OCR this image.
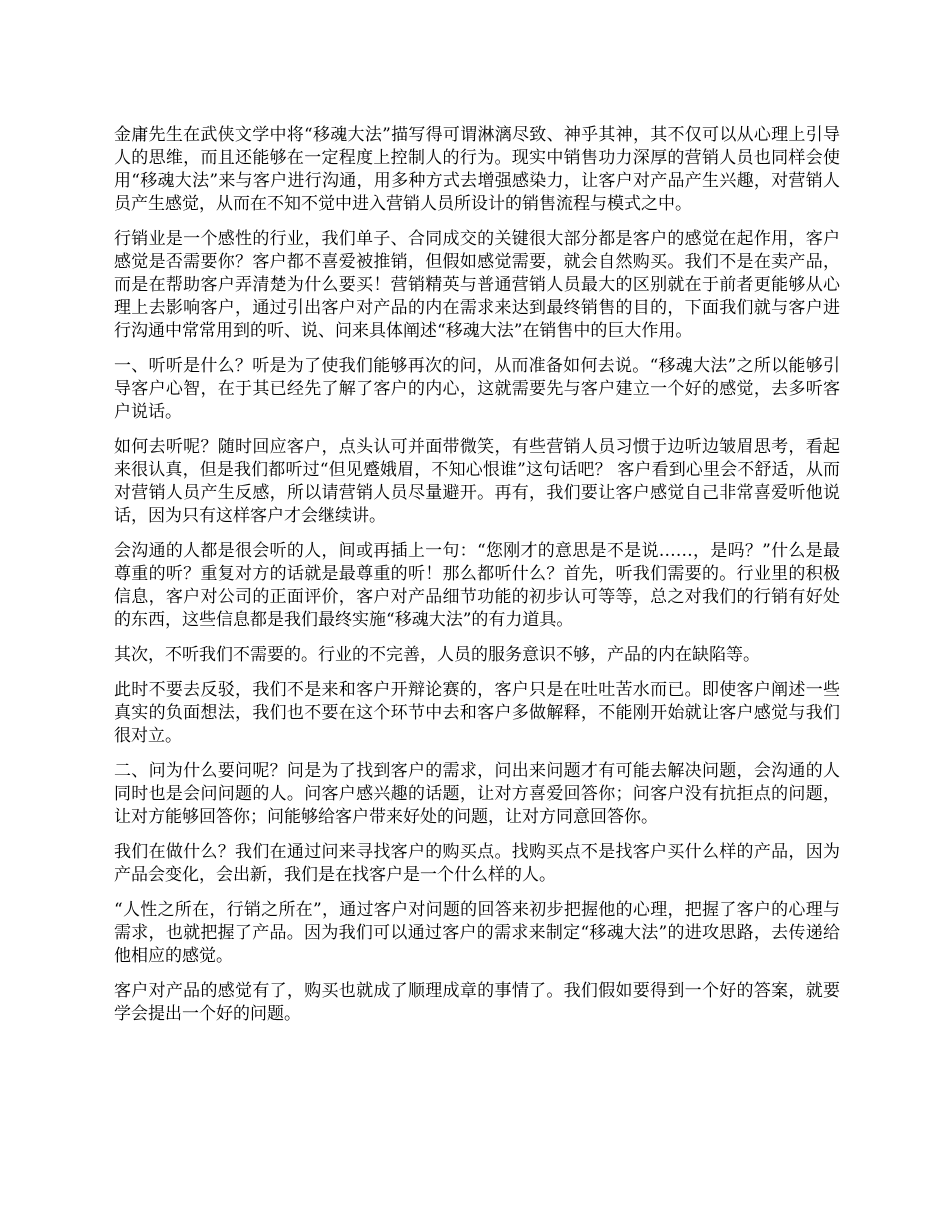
金庸先生在武侠文学中将“移魂大法”描写得可谓淋漓尽致、神乎其神，其不仅可以从心理上引导人的思维，而且还能够在一定程度上控制人的行为。现实中销售功力深厚的营销人员也同样会使用“移魂大法”来与客户进行沟通，用多种方式去增强感染力，让客户对产品产生兴趣，对营销人员产生感觉，从而在不知不觉中进入营销人员所设计的销售流程与模式之中。

行销业是一个感性的行业，我们单子、合同成交的关键很大部分都是客户的感觉在起作用，客户感觉是否需要你？客户都不喜爱被推销，但假如感觉需要，就会自然购买。我们不是在卖产品，而是在帮助客户弄清楚为什么要买！营销精英与普通营销人员最大的区别就在于前者更能够从心理上去影响客户，通过引出客户对产品的内在需求来达到最终销售的目的，下面我们就与客户进行沟通中常常用到的听、说、问来具体阐述“移魂大法”在销售中的巨大作用。

一、听听是什么？听是为了使我们能够再次的问，从而准备如何去说。“移魂大法”之所以能够引导客户心智，在于其已经先了解了客户的内心，这就需要先与客户建立一个好的感觉，去多听客户说话。

如何去听呢？随时回应客户，点头认可并面带微笑，有些营销人员习惯于边听边皱眉思考，看起来很认真，但是我们都听过“但见蹙娥眉，不知心恨谁”这句话吧？ 客户看到心里会不舒适，从而对营销人员产生反感，所以请营销人员尽量避开。再有，我们要让客户感觉自己非常喜爱听他说话，因为只有这样客户才会继续讲。

会沟通的人都是很会听的人，间或再插上一句：“您刚才的意思是不是说……，是吗？”什么是最尊重的听？重复对方的话就是最尊重的听！那么都听什么？首先，听我们需要的。行业里的积极信息，客户对公司的正面评价，客户对产品细节功能的初步认可等等，总之对我们的行销有好处的东西，这些信息都是我们最终实施“移魂大法”的有力道具。

其次，不听我们不需要的。行业的不完善，人员的服务意识不够，产品的内在缺陷等。

此时不要去反驳，我们不是来和客户开辩论赛的，客户只是在吐吐苦水而已。即使客户阐述一些真实的负面想法，我们也不要在这个环节中去和客户多做解释，不能刚开始就让客户感觉与我们很对立。

二、问为什么要问呢？问是为了找到客户的需求，问出来问题才有可能去解决问题，会沟通的人同时也是会问问题的人。问客户感兴趣的话题，让对方喜爱回答你；问客户没有抗拒点的问题，让对方能够回答你；问能够给客户带来好处的问题，让对方同意回答你。

我们在做什么？我们在通过问来寻找客户的购买点。找购买点不是找客户买什么样的产品，因为产品会变化，会出新，我们是在找客户是一个什么样的人。

“人性之所在，行销之所在”，通过客户对问题的回答来初步把握他的心理，把握了客户的心理与需求，也就把握了产品。因为我们可以通过客户的需求来制定“移魂大法”的进攻思路，去传递给他相应的感觉。

客户对产品的感觉有了，购买也就成了顺理成章的事情了。我们假如要得到一个好的答案，就要学会提出一个好的问题。
